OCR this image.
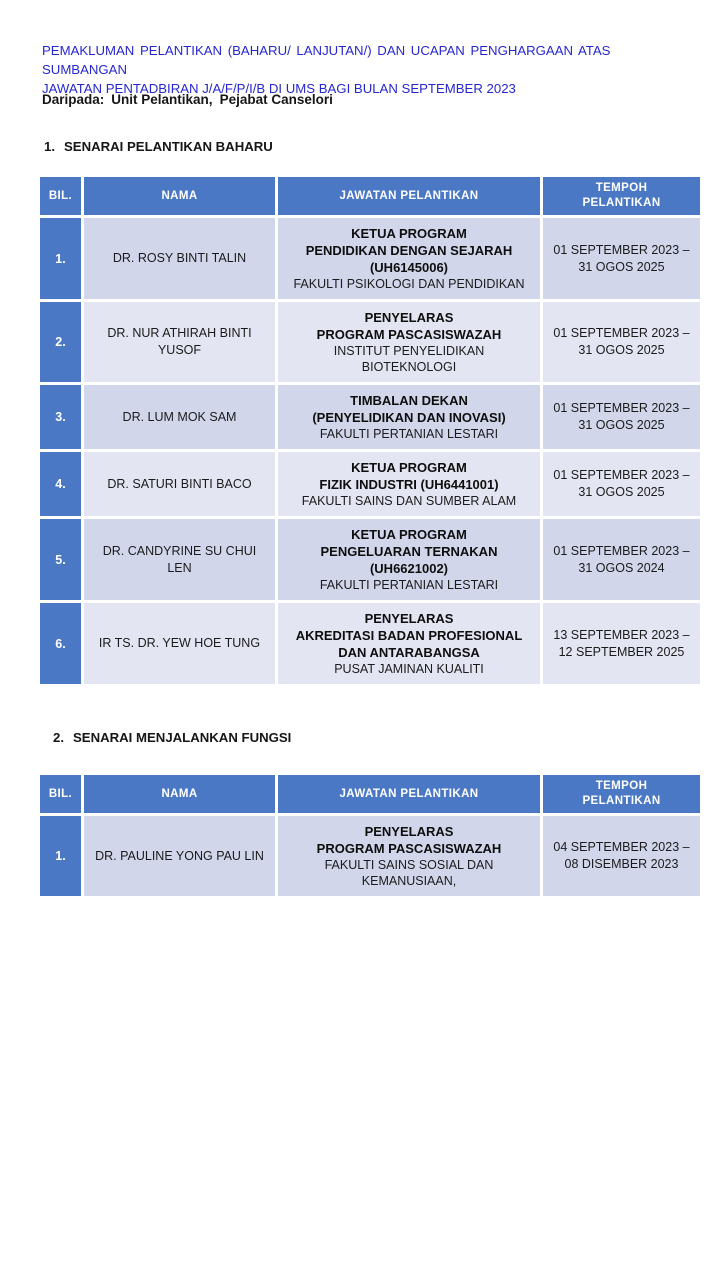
PEMAKLUMAN PELANTIKAN (BAHARU/ LANJUTAN/) DAN UCAPAN PENGHARGAAN ATAS SUMBANGAN
JAWATAN PENTADBIRAN J/A/F/P/I/B DI UMS BAGI BULAN SEPTEMBER 2023
Daripada: Unit Pelantikan, Pejabat Canselori
1. SENARAI PELANTIKAN BAHARU
BIL.	NAMA	JAWATAN PELANTIKAN	TEMPOH
PELANTIKAN

1.	DR. ROSY BINTI TALIN

KETUA PROGRAM
PENDIDIKAN DENGAN SEJARAH
(UH6145006)
FAKULTI PSIKOLOGI DAN PENDIDIKAN

01 SEPTEMBER 2023 –
31 OGOS 2025

2.	
DR. NUR ATHIRAH BINTI
YUSOF

PENYELARAS
PROGRAM PASCASISWAZAH
INSTITUT PENYELIDIKAN
BIOTEKNOLOGI

01 SEPTEMBER 2023 –
31 OGOS 2025

3.	DR. LUM MOK SAM

TIMBALAN DEKAN
(PENYELIDIKAN DAN INOVASI)
FAKULTI PERTANIAN LESTARI

01 SEPTEMBER 2023 –
31 OGOS 2025

4.	DR. SATURI BINTI BACO

KETUA PROGRAM
FIZIK INDUSTRI (UH6441001)
FAKULTI SAINS DAN SUMBER ALAM

01 SEPTEMBER 2023 –
31 OGOS 2025

5.	
DR. CANDYRINE SU CHUI
LEN

KETUA PROGRAM
PENGELUARAN TERNAKAN
(UH6621002)
FAKULTI PERTANIAN LESTARI

01 SEPTEMBER 2023 –
31 OGOS 2024

6.	IR TS. DR. YEW HOE TUNG

PENYELARAS
AKREDITASI BADAN PROFESIONAL
DAN ANTARABANGSA
PUSAT JAMINAN KUALITI

13 SEPTEMBER 2023 –
12 SEPTEMBER 2025
2. SENARAI MENJALANKAN FUNGSI
BIL.	NAMA	JAWATAN PELANTIKAN	TEMPOH
PELANTIKAN

1.	DR. PAULINE YONG PAU LIN

PENYELARAS
PROGRAM PASCASISWAZAH
FAKULTI SAINS SOSIAL DAN
KEMANUSIAAN,

04 SEPTEMBER 2023 –
08 DISEMBER 2023
